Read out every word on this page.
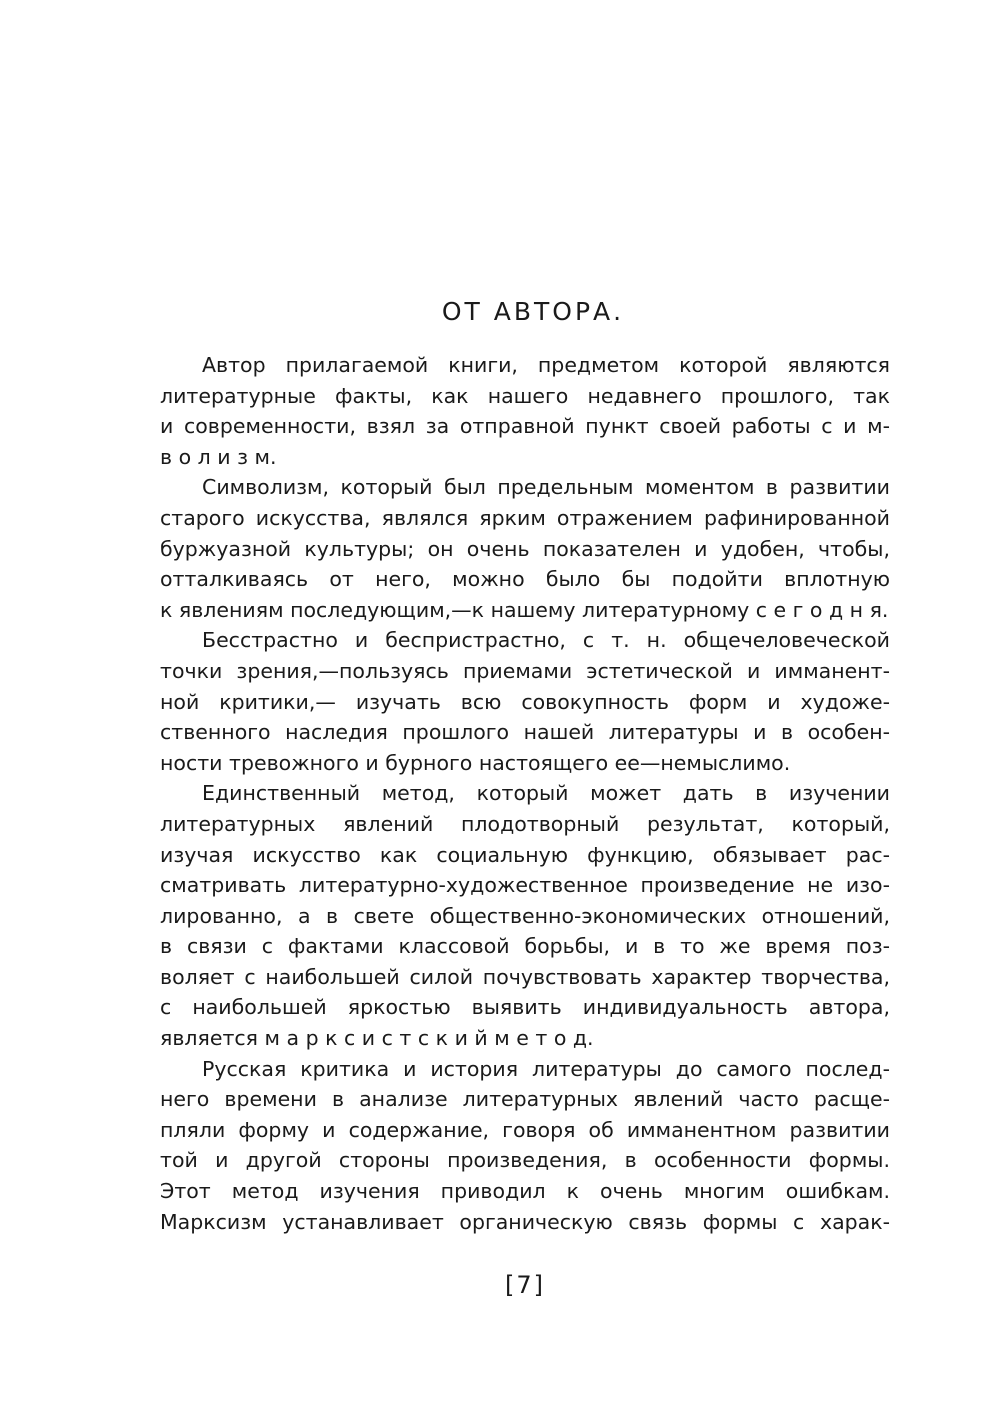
ОТ АВТОРА.
Автор прилагаемой книги, предметом которой являются
литературные факты, как нашего недавнего прошлого, так
и современности, взял за отправной пункт своей работы с и м-
в о л и з м.
Символизм, который был предельным моментом в развитии
старого искусства, являлся ярким отражением рафинированной
буржуазной культуры; он очень показателен и удобен, чтобы,
отталкиваясь от него, можно было бы подойти вплотную
к явлениям последующим,—к нашему литературному с е г о д н я.
Бесстрастно и беспристрастно, с т. н. общечеловеческой
точки зрения,—пользуясь приемами эстетической и имманент-
ной критики,— изучать всю совокупность форм и художе-
ственного наследия прошлого нашей литературы и в особен-
ности тревожного и бурного настоящего ее—немыслимо.
Единственный метод, который может дать в изучении
литературных явлений плодотворный результат, который,
изучая искусство как социальную функцию, обязывает рас-
сматривать литературно-художественное произведение не изо-
лированно, а в свете общественно-экономических отношений,
в связи с фактами классовой борьбы, и в то же время поз-
воляет с наибольшей силой почувствовать характер творчества,
с наибольшей яркостью выявить индивидуальность автора,
является м а р к с и с т с к и й м е т о д.
Русская критика и история литературы до самого послед-
него времени в анализе литературных явлений часто расще-
пляли форму и содержание, говоря об имманентном развитии
той и другой стороны произведения, в особенности формы.
Этот метод изучения приводил к очень многим ошибкам.
Марксизм устанавливает органическую связь формы с харак-
[7]
